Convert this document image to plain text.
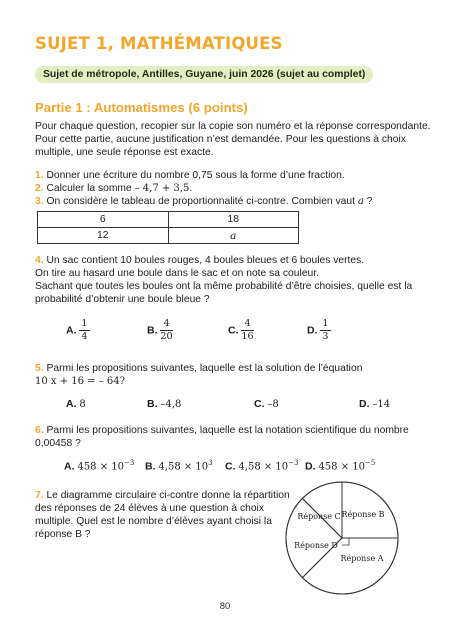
SUJET 1, MATHÉMATIQUES
Sujet de métropole, Antilles, Guyane, juin 2026 (sujet au complet)
Partie 1 : Automatismes (6 points)
Pour chaque question, recopier sur la copie son numéro et la réponse correspondante.
Pour cette partie, aucune justification n’est demandée. Pour les questions à choix
multiple, une seule réponse est exacte.
1. Donner une écriture du nombre 0,75 sous la forme d’une fraction.
2. Calculer la somme – 4,7 + 3,5.
3. On considère le tableau de proportionnalité ci-contre. Combien vaut a ?
6	18
12	a
4. Un sac contient 10 boules rouges, 4 boules bleues et 6 boules vertes.
On tire au hasard une boule dans le sac et on note sa couleur.
Sachant que toutes les boules ont la même probabilité d’être choisies, quelle est la
probabilité d’obtenir une boule bleue ?
A. $\frac{1}{4}$	B. $\frac{4}{20}$	C. $\frac{4}{16}$	D. $\frac{1}{3}$
5. Parmi les propositions suivantes, laquelle est la solution de l’équation
10 x + 16 = – 64?
A. 8	B. –4,8	C. –8	D. –14
6. Parmi les propositions suivantes, laquelle est la notation scientifique du nombre
0,00458 ?
A. $458 \times 10^{-3}$ B. $4,58 \times 10^3$ C. $4,58 \times 10^{-3}$ D. $458 \times 10^{-5}$
7. Le diagramme circulaire ci-contre donne la répartition
des réponses de 24 élèves à une question à choix
multiple. Quel est le nombre d’élèves ayant choisi la
réponse B ?
Réponse B
Réponse A
Réponse D
Réponse C
80
